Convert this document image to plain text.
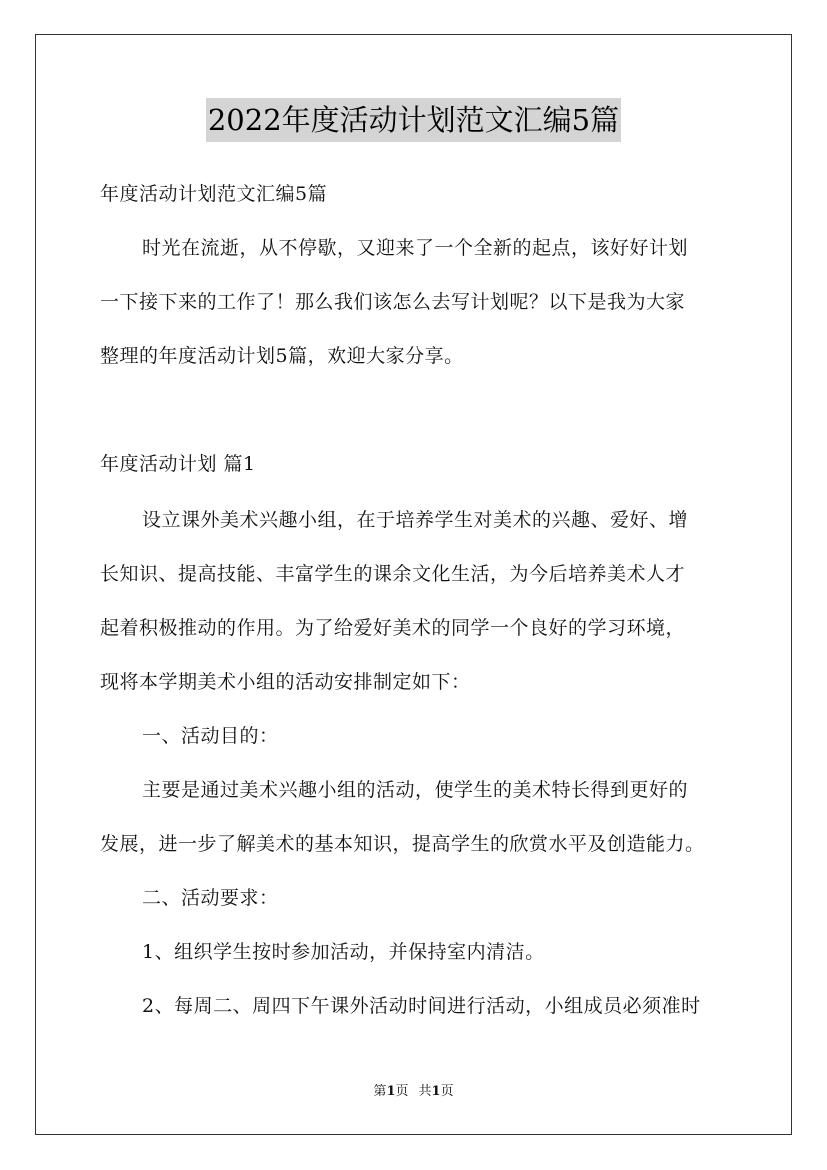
2022年度活动计划范文汇编5篇
年度活动计划范文汇编5篇
时光在流逝，从不停歇，又迎来了一个全新的起点，该好好计划
一下接下来的工作了！那么我们该怎么去写计划呢？以下是我为大家
整理的年度活动计划5篇，欢迎大家分享。
年度活动计划 篇1
设立课外美术兴趣小组，在于培养学生对美术的兴趣、爱好、增
长知识、提高技能、丰富学生的课余文化生活，为今后培养美术人才
起着积极推动的作用。为了给爱好美术的同学一个良好的学习环境，
现将本学期美术小组的活动安排制定如下：
一、活动目的：
主要是通过美术兴趣小组的活动，使学生的美术特长得到更好的
发展，进一步了解美术的基本知识，提高学生的欣赏水平及创造能力。
二、活动要求：
1、组织学生按时参加活动，并保持室内清洁。
2、每周二、周四下午课外活动时间进行活动，小组成员必须准时
第1页 共1页
